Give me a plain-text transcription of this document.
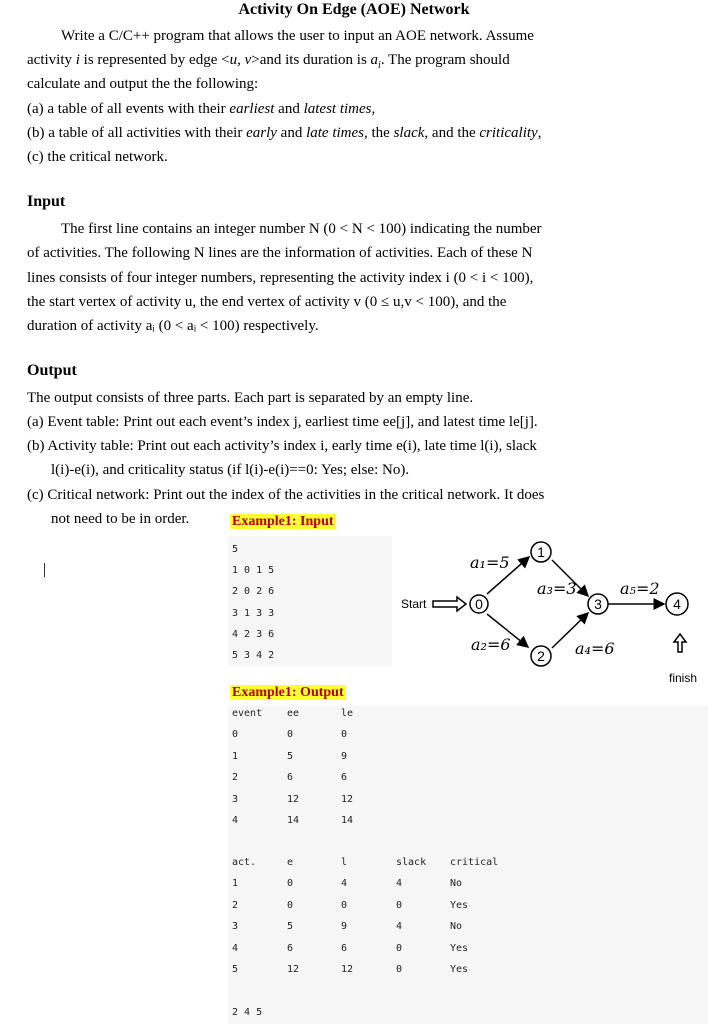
Activity On Edge (AOE) Network
Write a C/C++ program that allows the user to input an AOE network. Assume
activity i is represented by edge <u, v>and its duration is $a_i$. The program should
calculate and output the the following:
(a) a table of all events with their earliest and latest times,
(b) a table of all activities with their early and late times, the slack, and the criticality,
(c) the critical network.
Input
The first line contains an integer number N (0 < N < 100) indicating the number
of activities. The following N lines are the information of activities. Each of these N
lines consists of four integer numbers, representing the activity index i (0 < i < 100),
the start vertex of activity u, the end vertex of activity v (0 ≤ u,v < 100), and the
duration of activity aᵢ (0 < aᵢ < 100) respectively.
Output
The output consists of three parts. Each part is separated by an empty line.
(a) Event table: Print out each event’s index j, earliest time ee[j], and latest time le[j].
(b) Activity table: Print out each activity’s index i, early time e(i), late time l(i), slack
l(i)-e(i), and criticality status (if l(i)-e(i)==0: Yes; else: No).
(c) Critical network: Print out the index of the activities in the critical network. It does
not need to be in order.	Example1: Input
5
1 0 1 5
2 0 2 6
3 1 3 3
4 2 3 6
5 3 4 2
Start
a₁=5
a₂=6
a₃=3
a₄=6
a₅=2
0
1
2
3	4
finish
Example1: Output
event ee	le
0	0	0
1	5	9
2	6	6
3	12	12
4	14	14
act.	e	l	slack critical
1	0	4	4	No
2	0	0	0	Yes
3	5	9	4	No
4	6	6	0	Yes
5	12	12	0	Yes
2 4 5
